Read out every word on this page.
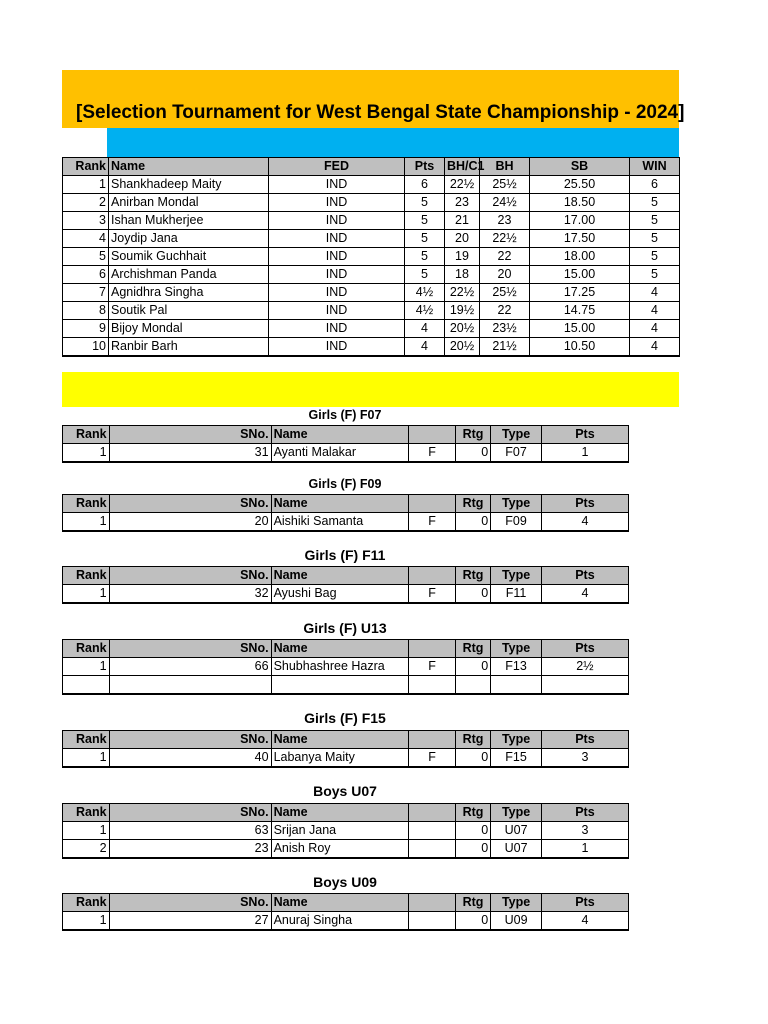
[Selection Tournament for West Bengal State Championship - 2024]
Rank	Name	FED	Pts	BH/C1	BH	SB	WIN
1	Shankhadeep Maity	IND	6	22½	25½	25.50	6
2	Anirban Mondal	IND	5	23	24½	18.50	5
3	Ishan Mukherjee	IND	5	21	23	17.00	5
4	Joydip Jana	IND	5	20	22½	17.50	5
5	Soumik Guchhait	IND	5	19	22	18.00	5
6	Archishman Panda	IND	5	18	20	15.00	5
7	Agnidhra Singha	IND	4½	22½	25½	17.25	4
8	Soutik Pal	IND	4½	19½	22	14.75	4
9	Bijoy Mondal	IND	4	20½	23½	15.00	4
10	Ranbir Barh	IND	4	20½	21½	10.50	4
Girls (F) F07
Rank	SNo.	Name		Rtg	Type	Pts
1	31	Ayanti Malakar	F	0	F07	1
Girls (F) F09
Rank	SNo.	Name		Rtg	Type	Pts
1	20	Aishiki Samanta	F	0	F09	4
Girls (F) F11
Rank	SNo.	Name		Rtg	Type	Pts
1	32	Ayushi Bag	F	0	F11	4
Girls (F) U13
Rank	SNo.	Name		Rtg	Type	Pts
1	66	Shubhashree Hazra	F	0	F13	2½

Girls (F) F15
Rank	SNo.	Name		Rtg	Type	Pts
1	40	Labanya Maity	F	0	F15	3
Boys U07
Rank	SNo.	Name		Rtg	Type	Pts
1	63	Srijan Jana		0	U07	3
2	23	Anish Roy		0	U07	1
Boys U09
Rank	SNo.	Name		Rtg	Type	Pts
1	27	Anuraj Singha		0	U09	4
